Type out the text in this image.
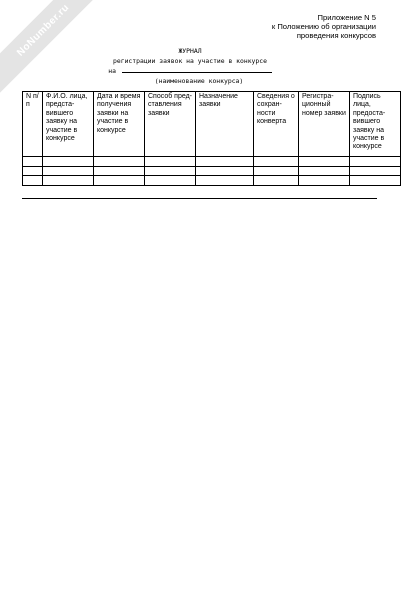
NoNumber.ru	Приложение N 5
к Положению об организации
проведения конкурсов
ЖУРНАЛ
регистрации заявок на участие в конкурсе
на
(наименование конкурса)
N п/п	Ф.И.О. лица, предста-вившего заявку на участие в конкурсе	Дата и время получения заявки на участие в конкурсе	Способ пред-ставления заявки	Назначение заявки	Сведения о сохран-ности конверта	Регистра-ционный номер заявки	Подпись лица, предоста-вившего заявку на участие в конкурсе
